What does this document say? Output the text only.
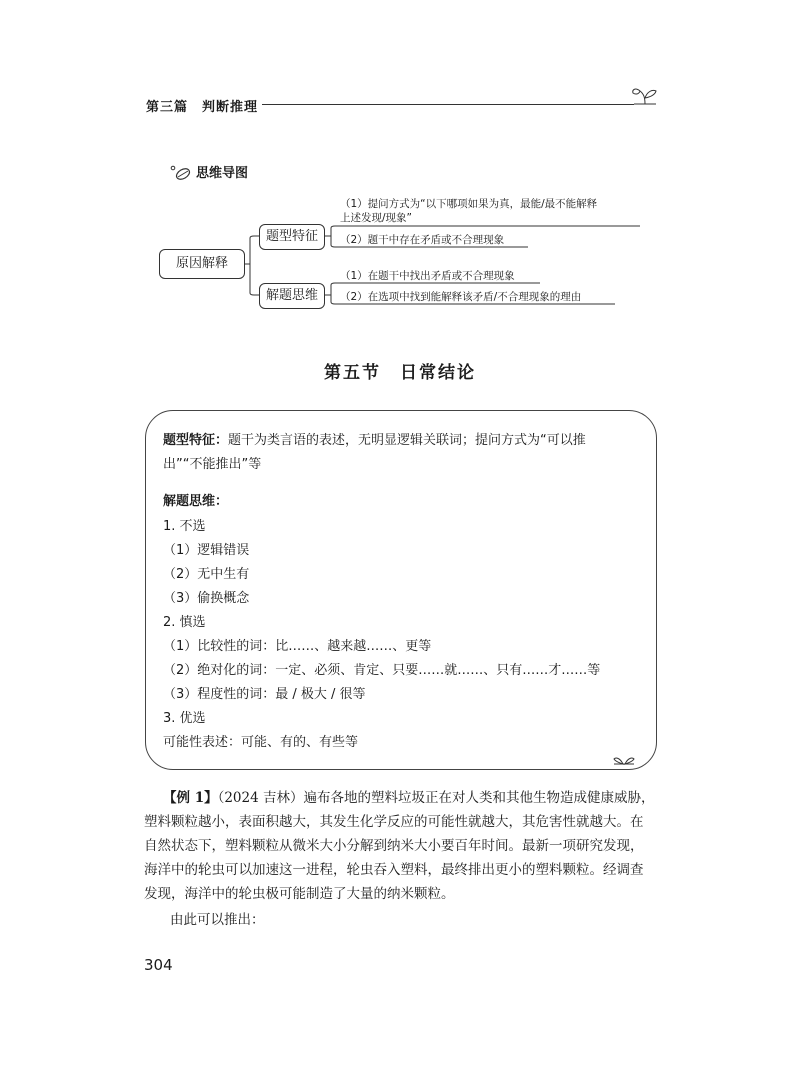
第三篇　判断推理
思维导图
原因解释
题型特征
解题思维
（1）提问方式为“以下哪项如果为真，最能/最不能解释
上述发现/现象”
（2）题干中存在矛盾或不合理现象
（1）在题干中找出矛盾或不合理现象
（2）在选项中找到能解释该矛盾/不合理现象的理由
第五节　日常结论
题型特征：题干为类言语的表述，无明显逻辑关联词；提问方式为“可以推
出”“不能推出”等
解题思维：
1. 不选
（1）逻辑错误
（2）无中生有
（3）偷换概念
2. 慎选
（1）比较性的词：比……、越来越……、更等
（2）绝对化的词：一定、必须、肯定、只要……就……、只有……才……等
（3）程度性的词：最 / 极大 / 很等
3. 优选
可能性表述：可能、有的、有些等
【例 1】（2024 吉林）遍布各地的塑料垃圾正在对人类和其他生物造成健康威胁，
塑料颗粒越小，表面积越大，其发生化学反应的可能性就越大，其危害性就越大。在
自然状态下，塑料颗粒从微米大小分解到纳米大小要百年时间。最新一项研究发现，
海洋中的轮虫可以加速这一进程，轮虫吞入塑料，最终排出更小的塑料颗粒。经调查
发现，海洋中的轮虫极可能制造了大量的纳米颗粒。
由此可以推出：
304
